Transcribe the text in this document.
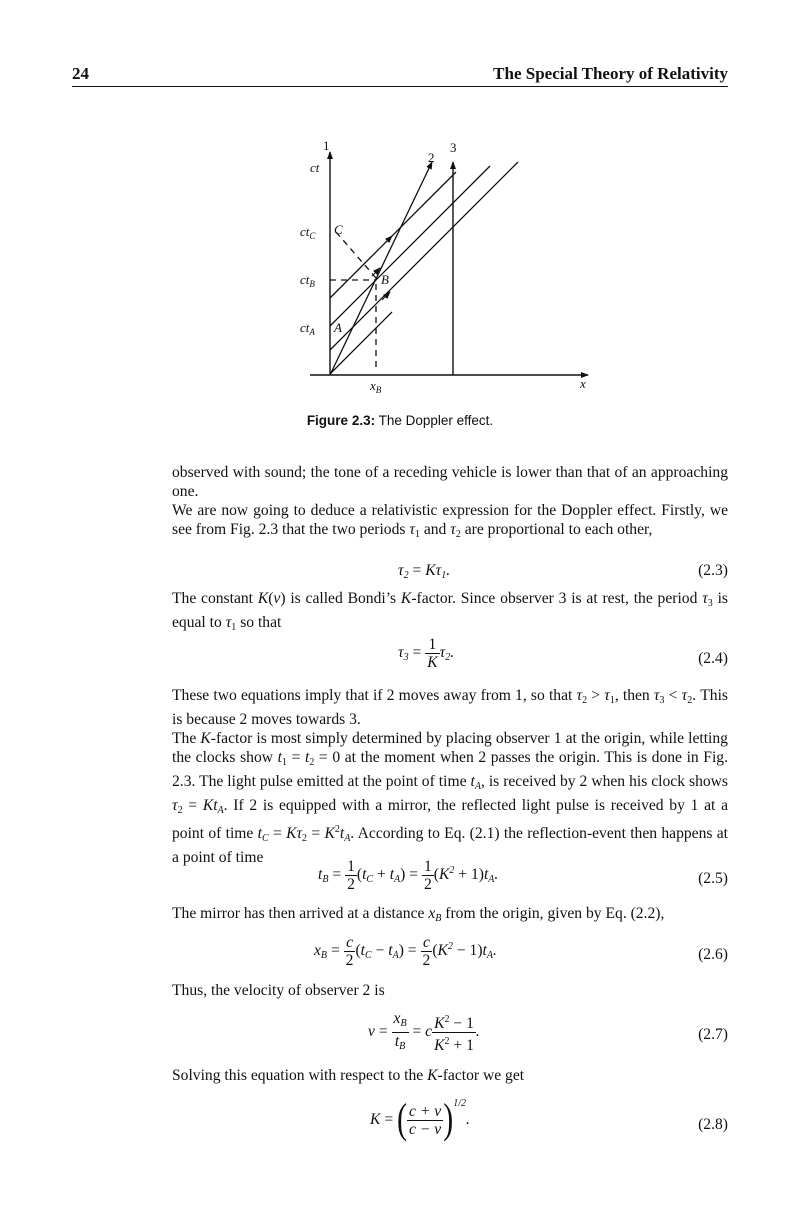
24	The Special Theory of Relativity
1
2
3
ct
x
$ct_C$
$ct_B$
$ct_A$
$x_B$
C
B
A
Figure 2.3: The Doppler effect.

observed with sound; the tone of a receding vehicle is lower than that of an approaching one.

We are now going to deduce a relativistic expression for the Doppler effect. Firstly, we see from Fig. 2.3 that the two periods $\tau_1$ and $\tau_2$ are proportional to each other,

$\tau_2 = K\tau_1$.	(2.3)

The constant K(v) is called Bondi’s K-factor. Since observer 3 is at rest, the period $\tau_3$ is equal to $\tau_1$ so that

$\tau_3 = \frac{1}{K} \tau_2$.	(2.4)

These two equations imply that if 2 moves away from 1, so that $\tau_2 > \tau_1$, then $\tau_3 < \tau_2$. This is because 2 moves towards 3.

The K-factor is most simply determined by placing observer 1 at the origin, while letting the clocks show $t_1 = t_2 = 0$ at the moment when 2 passes the origin. This is done in Fig. 2.3. The light pulse emitted at the point of time $t_A$, is received by 2 when his clock shows $\tau_2 = Kt_A$. If 2 is equipped with a mirror, the reflected light pulse is received by 1 at a point of time $t_C = K\tau_2 = K^2t_A$. According to Eq. (2.1) the reflection-event then happens at a point of time

$t_B = \frac{1}{2} (t_C + t_A) = \frac{1}{2} (K^2 + 1)t_A$.	(2.5)

The mirror has then arrived at a distance $x_B$ from the origin, given by Eq. (2.2),

$x_B = \frac{c}{2} (t_C - t_A) = \frac{c}{2} (K^2 - 1)t_A$.	(2.6)

Thus, the velocity of observer 2 is

$v = \frac{x_B}{t_B} = c \frac{K^2 - 1}{K^2 + 1}$ .	(2.7)

Solving this equation with respect to the K-factor we get

K = ( $\frac{c + v}{c - v} )^{1/2}$.	(2.8)
